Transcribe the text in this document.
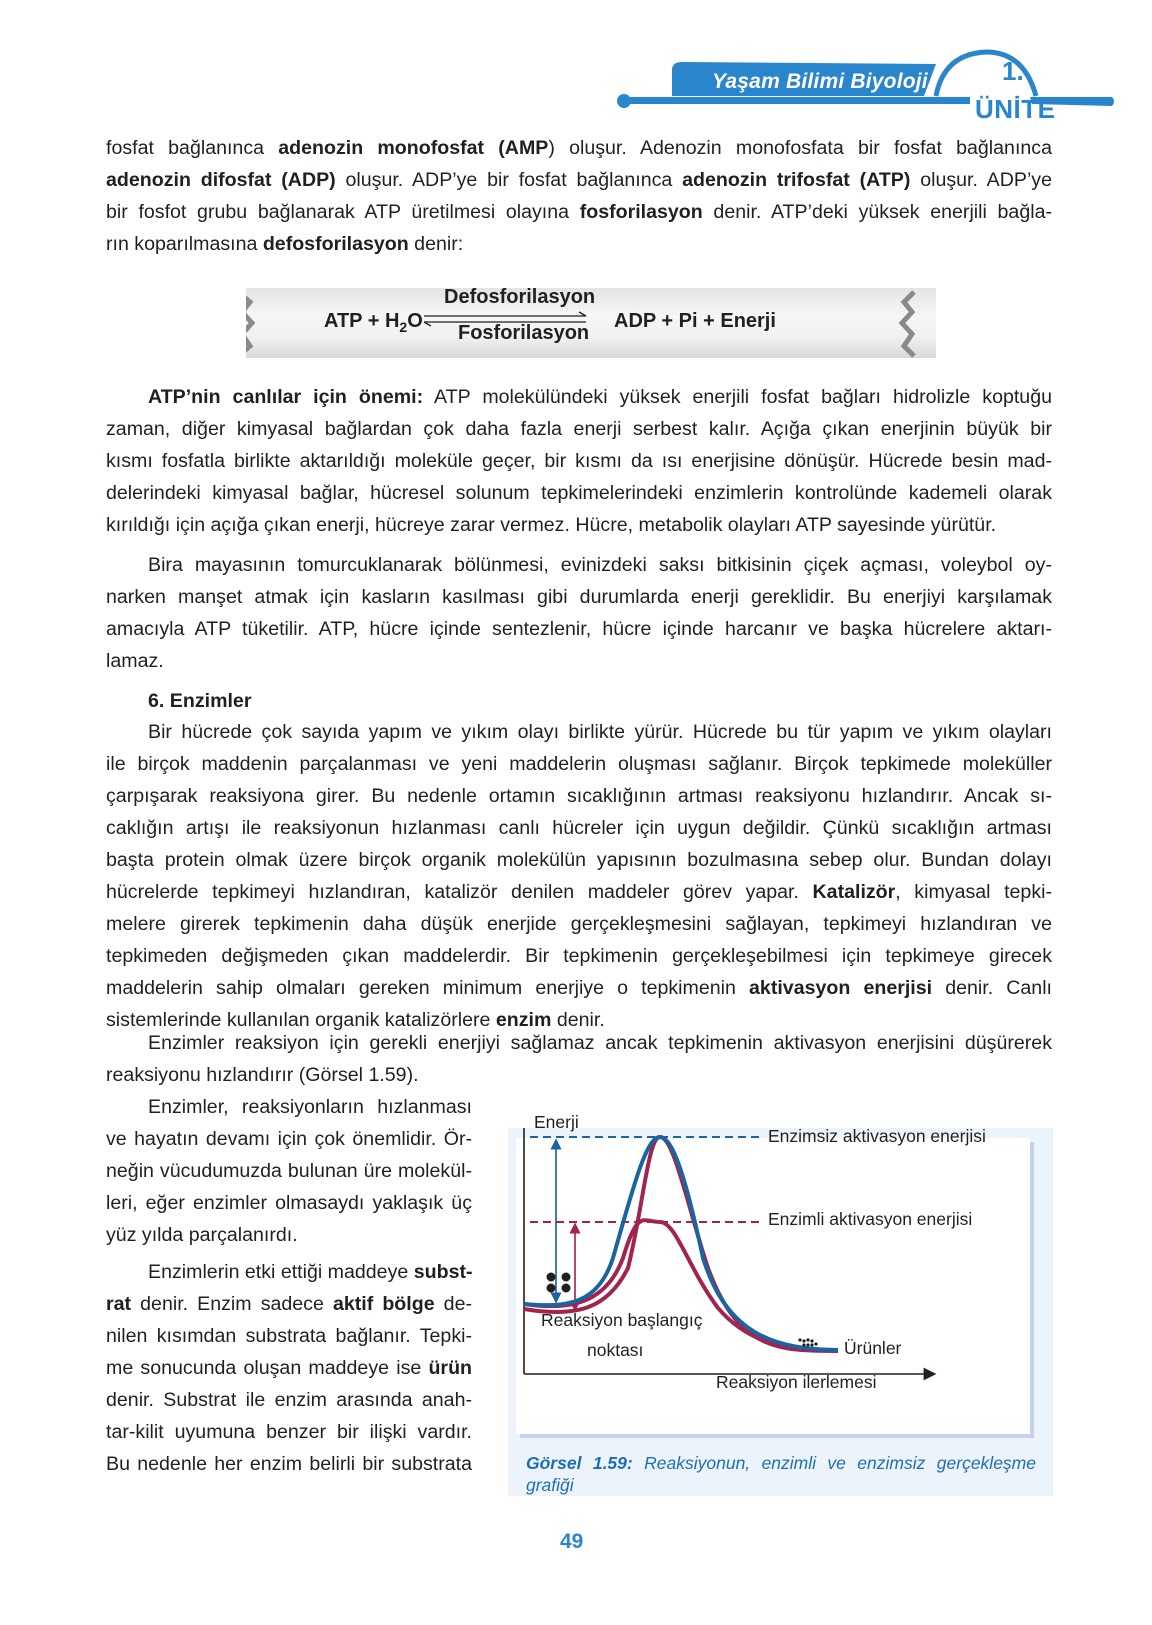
Yaşam Bilimi Biyoloji	1.
ÜNİTE
fosfat bağlanınca adenozin monofosfat (AMP) oluşur. Adenozin monofosfata bir fosfat bağlanınca
adenozin difosfat (ADP) oluşur. ADP’ye bir fosfat bağlanınca adenozin trifosfat (ATP) oluşur. ADP’ye
bir fosfot grubu bağlanarak ATP üretilmesi olayına fosforilasyon denir. ATP’deki yüksek enerjili bağla-
rın koparılmasına defosforilasyon denir:
ATP + $H_2O$
Defosforilasyon
Fosforilasyon
ADP + Pi + Enerji
ATP’nin canlılar için önemi: ATP molekülündeki yüksek enerjili fosfat bağları hidrolizle koptuğu
zaman, diğer kimyasal bağlardan çok daha fazla enerji serbest kalır. Açığa çıkan enerjinin büyük bir
kısmı fosfatla birlikte aktarıldığı moleküle geçer, bir kısmı da ısı enerjisine dönüşür. Hücrede besin mad-
delerindeki kimyasal bağlar, hücresel solunum tepkimelerindeki enzimlerin kontrolünde kademeli olarak
kırıldığı için açığa çıkan enerji, hücreye zarar vermez. Hücre, metabolik olayları ATP sayesinde yürütür.
Bira mayasının tomurcuklanarak bölünmesi, evinizdeki saksı bitkisinin çiçek açması, voleybol oy-
narken manşet atmak için kasların kasılması gibi durumlarda enerji gereklidir. Bu enerjiyi karşılamak
amacıyla ATP tüketilir. ATP, hücre içinde sentezlenir, hücre içinde harcanır ve başka hücrelere aktarı-
lamaz.
6. Enzimler
Bir hücrede çok sayıda yapım ve yıkım olayı birlikte yürür. Hücrede bu tür yapım ve yıkım olayları
ile birçok maddenin parçalanması ve yeni maddelerin oluşması sağlanır. Birçok tepkimede moleküller
çarpışarak reaksiyona girer. Bu nedenle ortamın sıcaklığının artması reaksiyonu hızlandırır. Ancak sı-
caklığın artışı ile reaksiyonun hızlanması canlı hücreler için uygun değildir. Çünkü sıcaklığın artması
başta protein olmak üzere birçok organik molekülün yapısının bozulmasına sebep olur. Bundan dolayı
hücrelerde tepkimeyi hızlandıran, katalizör denilen maddeler görev yapar. Katalizör, kimyasal tepki-
melere girerek tepkimenin daha düşük enerjide gerçekleşmesini sağlayan, tepkimeyi hızlandıran ve
tepkimeden değişmeden çıkan maddelerdir. Bir tepkimenin gerçekleşebilmesi için tepkimeye girecek
maddelerin sahip olmaları gereken minimum enerjiye o tepkimenin aktivasyon enerjisi denir. Canlı
sistemlerinde kullanılan organik katalizörlere enzim denir.
Enzimler reaksiyon için gerekli enerjiyi sağlamaz ancak tepkimenin aktivasyon enerjisini düşürerek
reaksiyonu hızlandırır (Görsel 1.59).
Enzimler, reaksiyonların hızlanması
ve hayatın devamı için çok önemlidir. Ör-
neğin vücudumuzda bulunan üre molekül-
leri, eğer enzimler olmasaydı yaklaşık üç
yüz yılda parçalanırdı.
Enzimlerin etki ettiği maddeye subst-
rat denir. Enzim sadece aktif bölge de-
nilen kısımdan substrata bağlanır. Tepki-
me sonucunda oluşan maddeye ise ürün
denir. Substrat ile enzim arasında anah-
tar-kilit uyumuna benzer bir ilişki vardır.
Bu nedenle her enzim belirli bir substrata
Enerji
Enzimsiz aktivasyon enerjisi
Enzimli aktivasyon enerjisi
Reaksiyon başlangıç
noktası	Ürünler
Reaksiyon ilerlemesi
Görsel 1.59: Reaksiyonun, enzimli ve enzimsiz gerçekleşme grafiği
49
